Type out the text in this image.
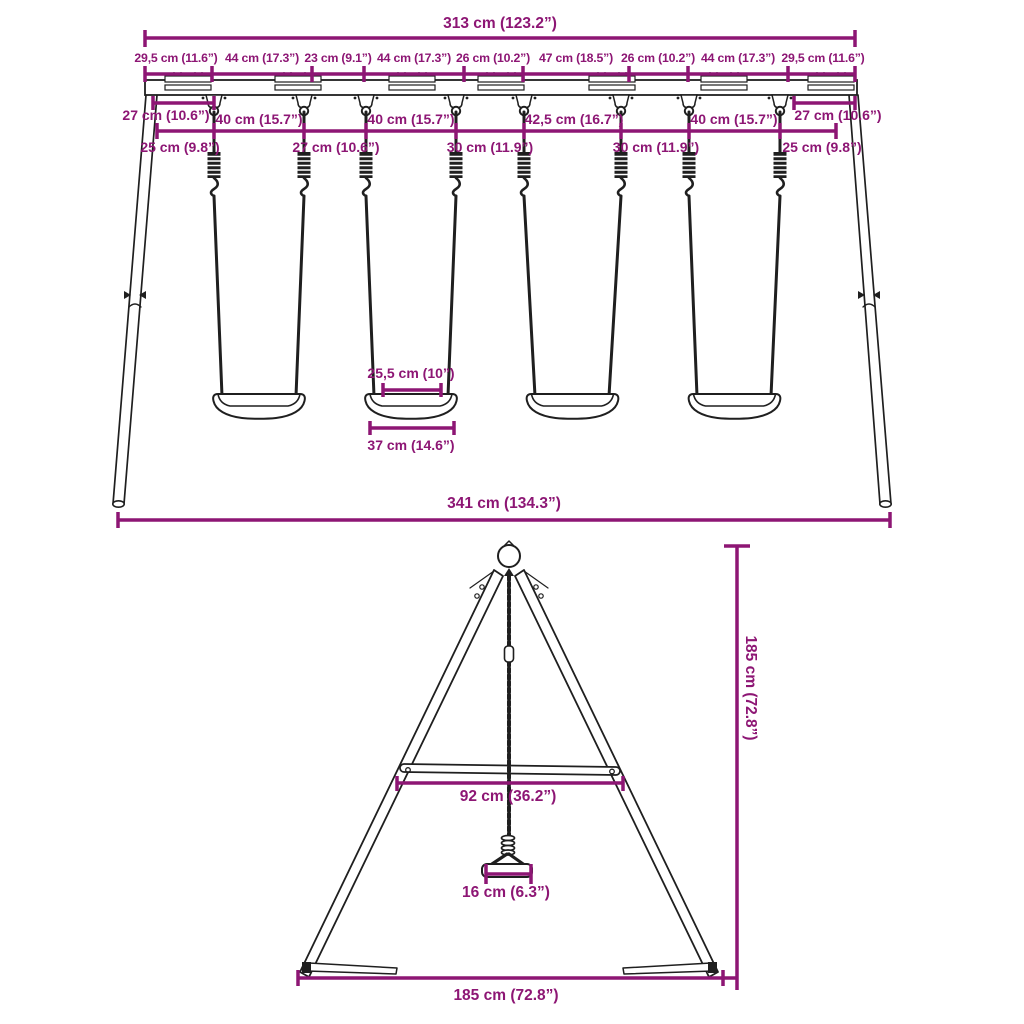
313 cm (123.2”)
29,5 cm (11.6”) 44 cm (17.3”) 23 cm (9.1”) 44 cm (17.3”) 26 cm (10.2”) 47 cm (18.5”) 26 cm (10.2”) 44 cm (17.3”) 29,5 cm (11.6”)
27 cm (10.6”)	27 cm (10.6”)
40 cm (15.7”)	40 cm (15.7”)	42,5 cm (16.7”)	40 cm (15.7”)
25 cm (9.8”)	27 cm (10.6”)	30 cm (11.9”)	30 cm (11.9”)	25 cm (9.8”)
25,5 cm (10”)
37 cm (14.6”)
341 cm (134.3”)
92 cm (36.2”)
16 cm (6.3”)
185 cm (72.8”)
185 cm (72.8”)
